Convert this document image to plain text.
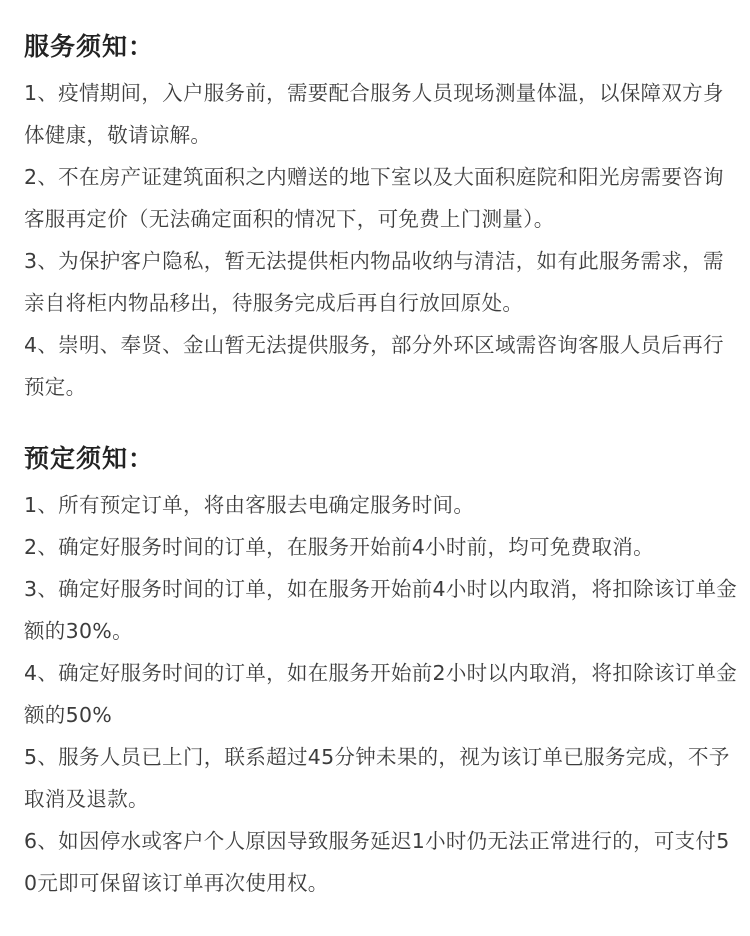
服务须知：
1、疫情期间，入户服务前，需要配合服务人员现场测量体温，以保障双方身体健康，敬请谅解。
2、不在房产证建筑面积之内赠送的地下室以及大面积庭院和阳光房需要咨询客服再定价（无法确定面积的情况下，可免费上门测量）。
3、为保护客户隐私，暂无法提供柜内物品收纳与清洁，如有此服务需求，需亲自将柜内物品移出，待服务完成后再自行放回原处。
4、崇明、奉贤、金山暂无法提供服务，部分外环区域需咨询客服人员后再行预定。
预定须知：
1、所有预定订单，将由客服去电确定服务时间。
2、确定好服务时间的订单，在服务开始前4小时前，均可免费取消。
3、确定好服务时间的订单，如在服务开始前4小时以内取消，将扣除该订单金额的30%。
4、确定好服务时间的订单，如在服务开始前2小时以内取消，将扣除该订单金额的50%
5、服务人员已上门，联系超过45分钟未果的，视为该订单已服务完成，不予取消及退款。
6、如因停水或客户个人原因导致服务延迟1小时仍无法正常进行的，可支付50元即可保留该订单再次使用权。
